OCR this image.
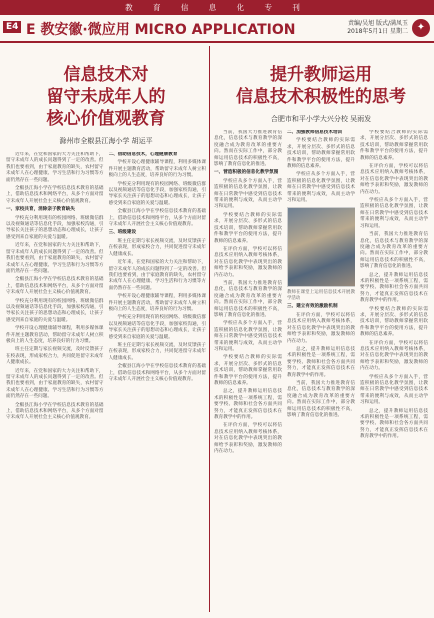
教 育 信 息 化 专 刊
E4 E 教安徽·微应用 MICRO APPLICATION	责编/吴旭 版式/满凤玉
2018年5月1日 星期二 ✦
信息技术对
留守未成年人的
核心价值观教育
滁州市全椒县江海小学 胡运平

近年来，在党和国家的大力关注和帮助下，留守未成年人的成长问题得到了一定的改善。但我们也要看到，由于家庭教育的缺失，农村留守未成年人在心理健康、学习生活和行为习惯等方面仍然存在一些问题。

全椒县江海小学在学校信息技术教育的基础上，借助信息技术和网络平台，从多个方面对留守未成年人开展社会主义核心价值观教育。

一、家校共育，消除亲子教育缺失

学校充分利用现有的校园网络、班级微信群以及视频通话等信息化手段，加强家校沟通，引导家长关注孩子的思想动态和心理成长，让孩子感受到来自家庭的关爱与温暖。

近年来，在党和国家的大力关注和帮助下，留守未成年人的成长问题得到了一定的改善。但我们也要看到，由于家庭教育的缺失，农村留守未成年人在心理健康、学习生活和行为习惯等方面仍然存在一些问题。

全椒县江海小学在学校信息技术教育的基础上，借助信息技术和网络平台，从多个方面对留守未成年人开展社会主义核心价值观教育。

学校充分利用现有的校园网络、班级微信群以及视频通话等信息化手段，加强家校沟通，引导家长关注孩子的思想动态和心理成长，让孩子感受到来自家庭的关爱与温暖。

学校开设心理健康辅导课程，利用多媒体课件开展主题教育活动，帮助留守未成年人树立积极向上的人生态度，培养良好的行为习惯。

班主任定期与家长视频交流，及时反馈孩子在校表现，形成家校合力，共同促进留守未成年人健康成长。

近年来，在党和国家的大力关注和帮助下，留守未成年人的成长问题得到了一定的改善。但我们也要看到，由于家庭教育的缺失，农村留守未成年人在心理健康、学习生活和行为习惯等方面仍然存在一些问题。

全椒县江海小学在学校信息技术教育的基础上，借助信息技术和网络平台，从多个方面对留守未成年人开展社会主义核心价值观教育。

二、借助信息技术，心理健康教育

学校开设心理健康辅导课程，利用多媒体课件开展主题教育活动，帮助留守未成年人树立积极向上的人生态度，培养良好的行为习惯。

学校充分利用现有的校园网络、班级微信群以及视频通话等信息化手段，加强家校沟通，引导家长关注孩子的思想动态和心理成长，让孩子感受到来自家庭的关爱与温暖。

全椒县江海小学在学校信息技术教育的基础上，借助信息技术和网络平台，从多个方面对留守未成年人开展社会主义核心价值观教育。

三、班级建设

班主任定期与家长视频交流，及时反馈孩子在校表现，形成家校合力，共同促进留守未成年人健康成长。

近年来，在党和国家的大力关注和帮助下，留守未成年人的成长问题得到了一定的改善。但我们也要看到，由于家庭教育的缺失，农村留守未成年人在心理健康、学习生活和行为习惯等方面仍然存在一些问题。

学校开设心理健康辅导课程，利用多媒体课件开展主题教育活动，帮助留守未成年人树立积极向上的人生态度，培养良好的行为习惯。

学校充分利用现有的校园网络、班级微信群以及视频通话等信息化手段，加强家校沟通，引导家长关注孩子的思想动态和心理成长，让孩子感受到来自家庭的关爱与温暖。

班主任定期与家长视频交流，及时反馈孩子在校表现，形成家校合力，共同促进留守未成年人健康成长。

全椒县江海小学在学校信息技术教育的基础上，借助信息技术和网络平台，从多个方面对留守未成年人开展社会主义核心价值观教育。

提升教师运用
信息技术积极性的思考
合肥市和平小学大兴分校 吴雨发

当前，我国大力推进教育信息化，信息技术与教育教学的深度融合成为教育改革的重要方向。然而在实际工作中，部分教师运用信息技术的积极性不高，影响了教育信息化的推进。

一、营造积极的信息化教学氛围

学校应从多个方面入手，营造积极的信息化教学氛围，让教师在日常教学中感受到信息技术带来的便利与成效，从而主动学习和运用。

学校要结合教师的实际需求，开展分层次、多形式的信息技术培训，帮助教师掌握常用软件和教学平台的使用方法，提升教师的信息素养。

在评价方面，学校可以将信息技术应用纳入教师考核体系，对在信息化教学中表现突出的教师给予表彰和奖励，激发教师的内在动力。

当前，我国大力推进教育信息化，信息技术与教育教学的深度融合成为教育改革的重要方向。然而在实际工作中，部分教师运用信息技术的积极性不高，影响了教育信息化的推进。

学校应从多个方面入手，营造积极的信息化教学氛围，让教师在日常教学中感受到信息技术带来的便利与成效，从而主动学习和运用。

学校要结合教师的实际需求，开展分层次、多形式的信息技术培训，帮助教师掌握常用软件和教学平台的使用方法，提升教师的信息素养。

总之，提升教师运用信息技术的积极性是一项系统工程，需要学校、教师和社会各方面共同努力，才能真正发挥信息技术在教育教学中的作用。

在评价方面，学校可以将信息技术应用纳入教师考核体系，对在信息化教学中表现突出的教师给予表彰和奖励，激发教师的内在动力。

二、加强教师信息技术培训

学校要结合教师的实际需求，开展分层次、多形式的信息技术培训，帮助教师掌握常用软件和教学平台的使用方法，提升教师的信息素养。

学校应从多个方面入手，营造积极的信息化教学氛围，让教师在日常教学中感受到信息技术带来的便利与成效，从而主动学习和运用。

教师在课堂上运用信息技术开展教学活动

三、建立有效的激励机制

在评价方面，学校可以将信息技术应用纳入教师考核体系，对在信息化教学中表现突出的教师给予表彰和奖励，激发教师的内在动力。

总之，提升教师运用信息技术的积极性是一项系统工程，需要学校、教师和社会各方面共同努力，才能真正发挥信息技术在教育教学中的作用。

当前，我国大力推进教育信息化，信息技术与教育教学的深度融合成为教育改革的重要方向。然而在实际工作中，部分教师运用信息技术的积极性不高，影响了教育信息化的推进。

学校要结合教师的实际需求，开展分层次、多形式的信息技术培训，帮助教师掌握常用软件和教学平台的使用方法，提升教师的信息素养。

在评价方面，学校可以将信息技术应用纳入教师考核体系，对在信息化教学中表现突出的教师给予表彰和奖励，激发教师的内在动力。

学校应从多个方面入手，营造积极的信息化教学氛围，让教师在日常教学中感受到信息技术带来的便利与成效，从而主动学习和运用。

当前，我国大力推进教育信息化，信息技术与教育教学的深度融合成为教育改革的重要方向。然而在实际工作中，部分教师运用信息技术的积极性不高，影响了教育信息化的推进。

总之，提升教师运用信息技术的积极性是一项系统工程，需要学校、教师和社会各方面共同努力，才能真正发挥信息技术在教育教学中的作用。

学校要结合教师的实际需求，开展分层次、多形式的信息技术培训，帮助教师掌握常用软件和教学平台的使用方法，提升教师的信息素养。

在评价方面，学校可以将信息技术应用纳入教师考核体系，对在信息化教学中表现突出的教师给予表彰和奖励，激发教师的内在动力。

学校应从多个方面入手，营造积极的信息化教学氛围，让教师在日常教学中感受到信息技术带来的便利与成效，从而主动学习和运用。

总之，提升教师运用信息技术的积极性是一项系统工程，需要学校、教师和社会各方面共同努力，才能真正发挥信息技术在教育教学中的作用。
